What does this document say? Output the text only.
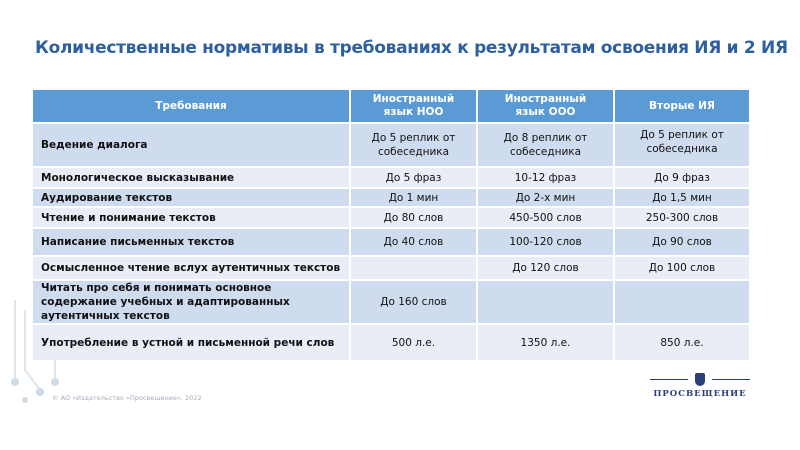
Количественные нормативы в требованиях к результатам освоения ИЯ и 2 ИЯ
Требования	Иностранный язык НОО	Иностранный язык ООО	Вторые ИЯ
Ведение диалога	До 5 реплик от собеседника	До 8 реплик от собеседника	До 5 реплик от собеседника
Монологическое высказывание	До 5 фраз	10-12 фраз	До 9 фраз
Аудирование текстов	До 1 мин	До 2-х мин	До 1,5 мин
Чтение и понимание текстов	До 80 слов	450-500 слов	250-300 слов
Написание письменных текстов	До 40 слов	100-120 слов	До 90 слов
Осмысленное чтение вслух аутентичных текстов		До 120 слов	До 100 слов
Читать про себя и понимать основное содержание учебных и адаптированных аутентичных текстов	До 160 слов		
Употребление в устной и письменной речи слов	500 л.е.	1350 л.е.	850 л.е.
© АО «Издательство «Просвещение», 2022	ПРОСВЕЩЕНИЕ
